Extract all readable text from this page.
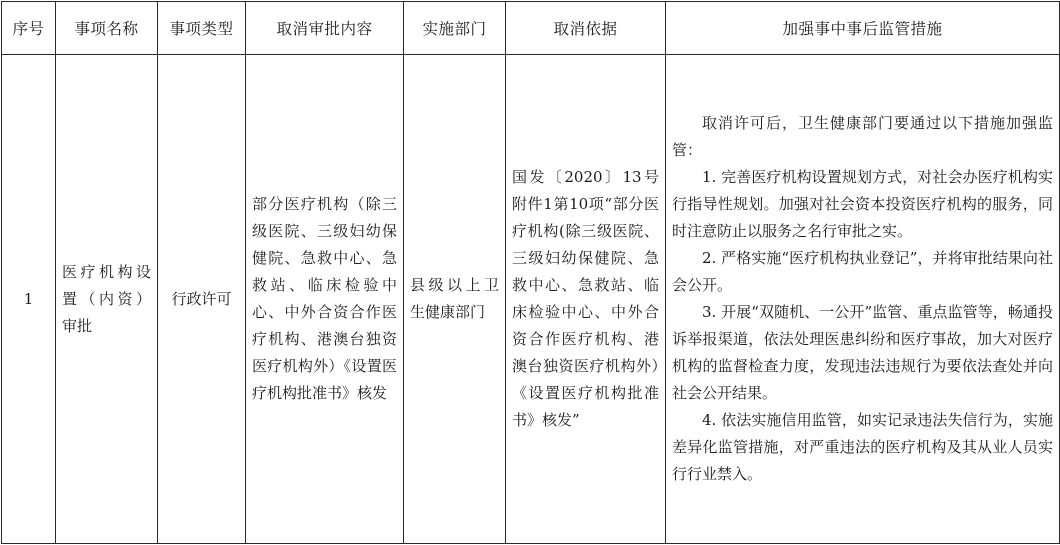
序号	事项名称	事项类型	取消审批内容	实施部门	取消依据	加强事中事后监管措施
1	医疗机构设置（内资）审批	行政许可	部分医疗机构（除三级医院、三级妇幼保健院、急救中心、急救站、临床检验中心、中外合资合作医疗机构、港澳台独资医疗机构外）《设置医疗机构批准书》核发	县级以上卫生健康部门	国发〔2020〕13号附件1第10项“部分医疗机构(除三级医院、三级妇幼保健院、急救中心、急救站、临床检验中心、中外合资合作医疗机构、港澳台独资医疗机构外）《设置医疗机构批准书》核发”	取消许可后，卫生健康部门要通过以下措施加强监管：
1. 完善医疗机构设置规划方式，对社会办医疗机构实行指导性规划。加强对社会资本投资医疗机构的服务，同时注意防止以服务之名行审批之实。
2. 严格实施“医疗机构执业登记”，并将审批结果向社会公开。
3. 开展“双随机、一公开”监管、重点监管等，畅通投诉举报渠道，依法处理医患纠纷和医疗事故，加大对医疗机构的监督检查力度，发现违法违规行为要依法查处并向社会公开结果。
4. 依法实施信用监管，如实记录违法失信行为，实施差异化监管措施，对严重违法的医疗机构及其从业人员实行行业禁入。
